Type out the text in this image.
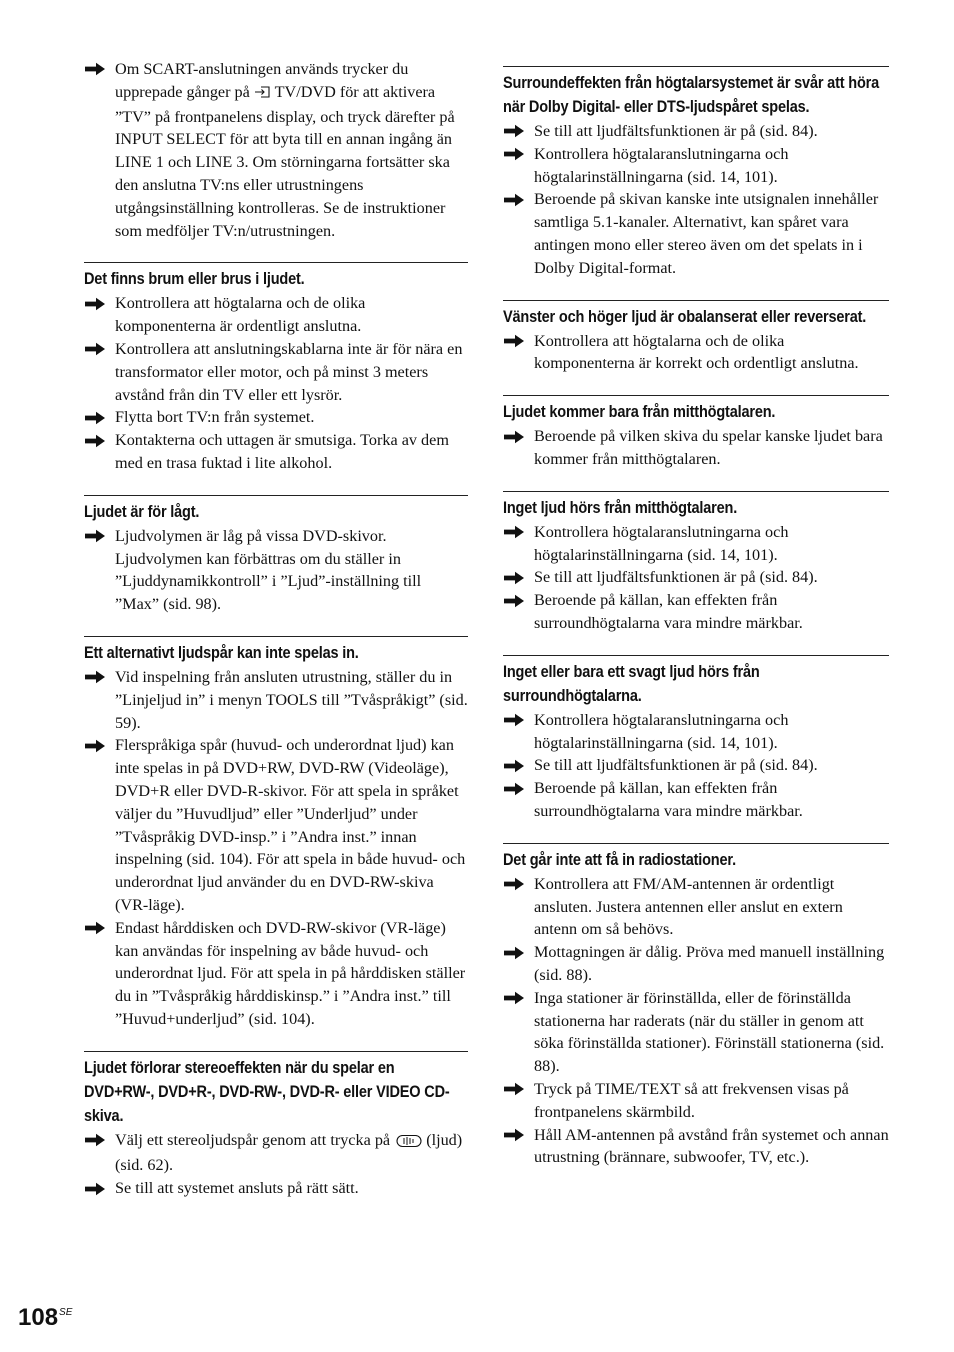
Om SCART-anslutningen används trycker du upprepade gånger på  TV/DVD för att aktivera ”TV” på frontpanelens display, och tryck därefter på INPUT SELECT för att byta till en annan ingång än LINE 1 och LINE 3. Om störningarna fortsätter ska den anslutna TV:ns eller utrustningens utgångsinställning kontrolleras. Se de instruktioner som medföljer TV:n/utrustningen.
Det finns brum eller brus i ljudet.
Kontrollera att högtalarna och de olika komponenterna är ordentligt anslutna.
Kontrollera att anslutningskablarna inte är för nära en transformator eller motor, och på minst 3 meters avstånd från din TV eller ett lysrör.
Flytta bort TV:n från systemet.
Kontakterna och uttagen är smutsiga. Torka av dem med en trasa fuktad i lite alkohol.
Ljudet är för lågt.
Ljudvolymen är låg på vissa DVD-skivor. Ljudvolymen kan förbättras om du ställer in ”Ljuddynamikkontroll” i ”Ljud”-inställning till ”Max” (sid. 98).
Ett alternativt ljudspår kan inte spelas in.
Vid inspelning från ansluten utrustning, ställer du in ”Linjeljud in” i menyn TOOLS till ”Tvåspråkigt” (sid. 59).
Flerspråkiga spår (huvud- och underordnat ljud) kan inte spelas in på DVD+RW, DVD-RW (Videoläge), DVD+R eller DVD-R-skivor. För att spela in språket väljer du ”Huvudljud” eller ”Underljud” under ”Tvåspråkig DVD-insp.” i ”Andra inst.” innan inspelning (sid. 104). För att spela in både huvud- och underordnat ljud använder du en DVD-RW-skiva (VR-läge).
Endast hårddisken och DVD-RW-skivor (VR-läge) kan användas för inspelning av både huvud- och underordnat ljud. För att spela in på hårddisken ställer du in ”Tvåspråkig hårddiskinsp.” i ”Andra inst.” till ”Huvud+underljud” (sid. 104).
Ljudet förlorar stereoeffekten när du spelar en DVD+RW-, DVD+R-, DVD-RW-, DVD-R- eller VIDEO CD-skiva.
Välj ett stereoljudspår genom att trycka på  (ljud) (sid. 62).
Se till att systemet ansluts på rätt sätt.
Surroundeffekten från högtalarsystemet är svår att höra när Dolby Digital- eller DTS-ljudspåret spelas.
Se till att ljudfältsfunktionen är på (sid. 84).
Kontrollera högtalaranslutningarna och högtalarinställningarna (sid. 14, 101).
Beroende på skivan kanske inte utsignalen innehåller samtliga 5.1-kanaler. Alternativt, kan spåret vara antingen mono eller stereo även om det spelats in i Dolby Digital-format.
Vänster och höger ljud är obalanserat eller reverserat.
Kontrollera att högtalarna och de olika komponenterna är korrekt och ordentligt anslutna.
Ljudet kommer bara från mitthögtalaren.
Beroende på vilken skiva du spelar kanske ljudet bara kommer från mitthögtalaren.
Inget ljud hörs från mitthögtalaren.
Kontrollera högtalaranslutningarna och högtalarinställningarna (sid. 14, 101).
Se till att ljudfältsfunktionen är på (sid. 84).
Beroende på källan, kan effekten från surroundhögtalarna vara mindre märkbar.
Inget eller bara ett svagt ljud hörs från surroundhögtalarna.
Kontrollera högtalaranslutningarna och högtalarinställningarna (sid. 14, 101).
Se till att ljudfältsfunktionen är på (sid. 84).
Beroende på källan, kan effekten från surroundhögtalarna vara mindre märkbar.
Det går inte att få in radiostationer.
Kontrollera att FM/AM-antennen är ordentligt ansluten. Justera antennen eller anslut en extern antenn om så behövs.
Mottagningen är dålig. Pröva med manuell inställning (sid. 88).
Inga stationer är förinställda, eller de förinställda stationerna har raderats (när du ställer in genom att söka förinställda stationer). Förinställ stationerna (sid. 88).
Tryck på TIME/TEXT så att frekvensen visas på frontpanelens skärmbild.
Håll AM-antennen på avstånd från systemet och annan utrustning (brännare, subwoofer, TV, etc.).
$108^{SE}$
